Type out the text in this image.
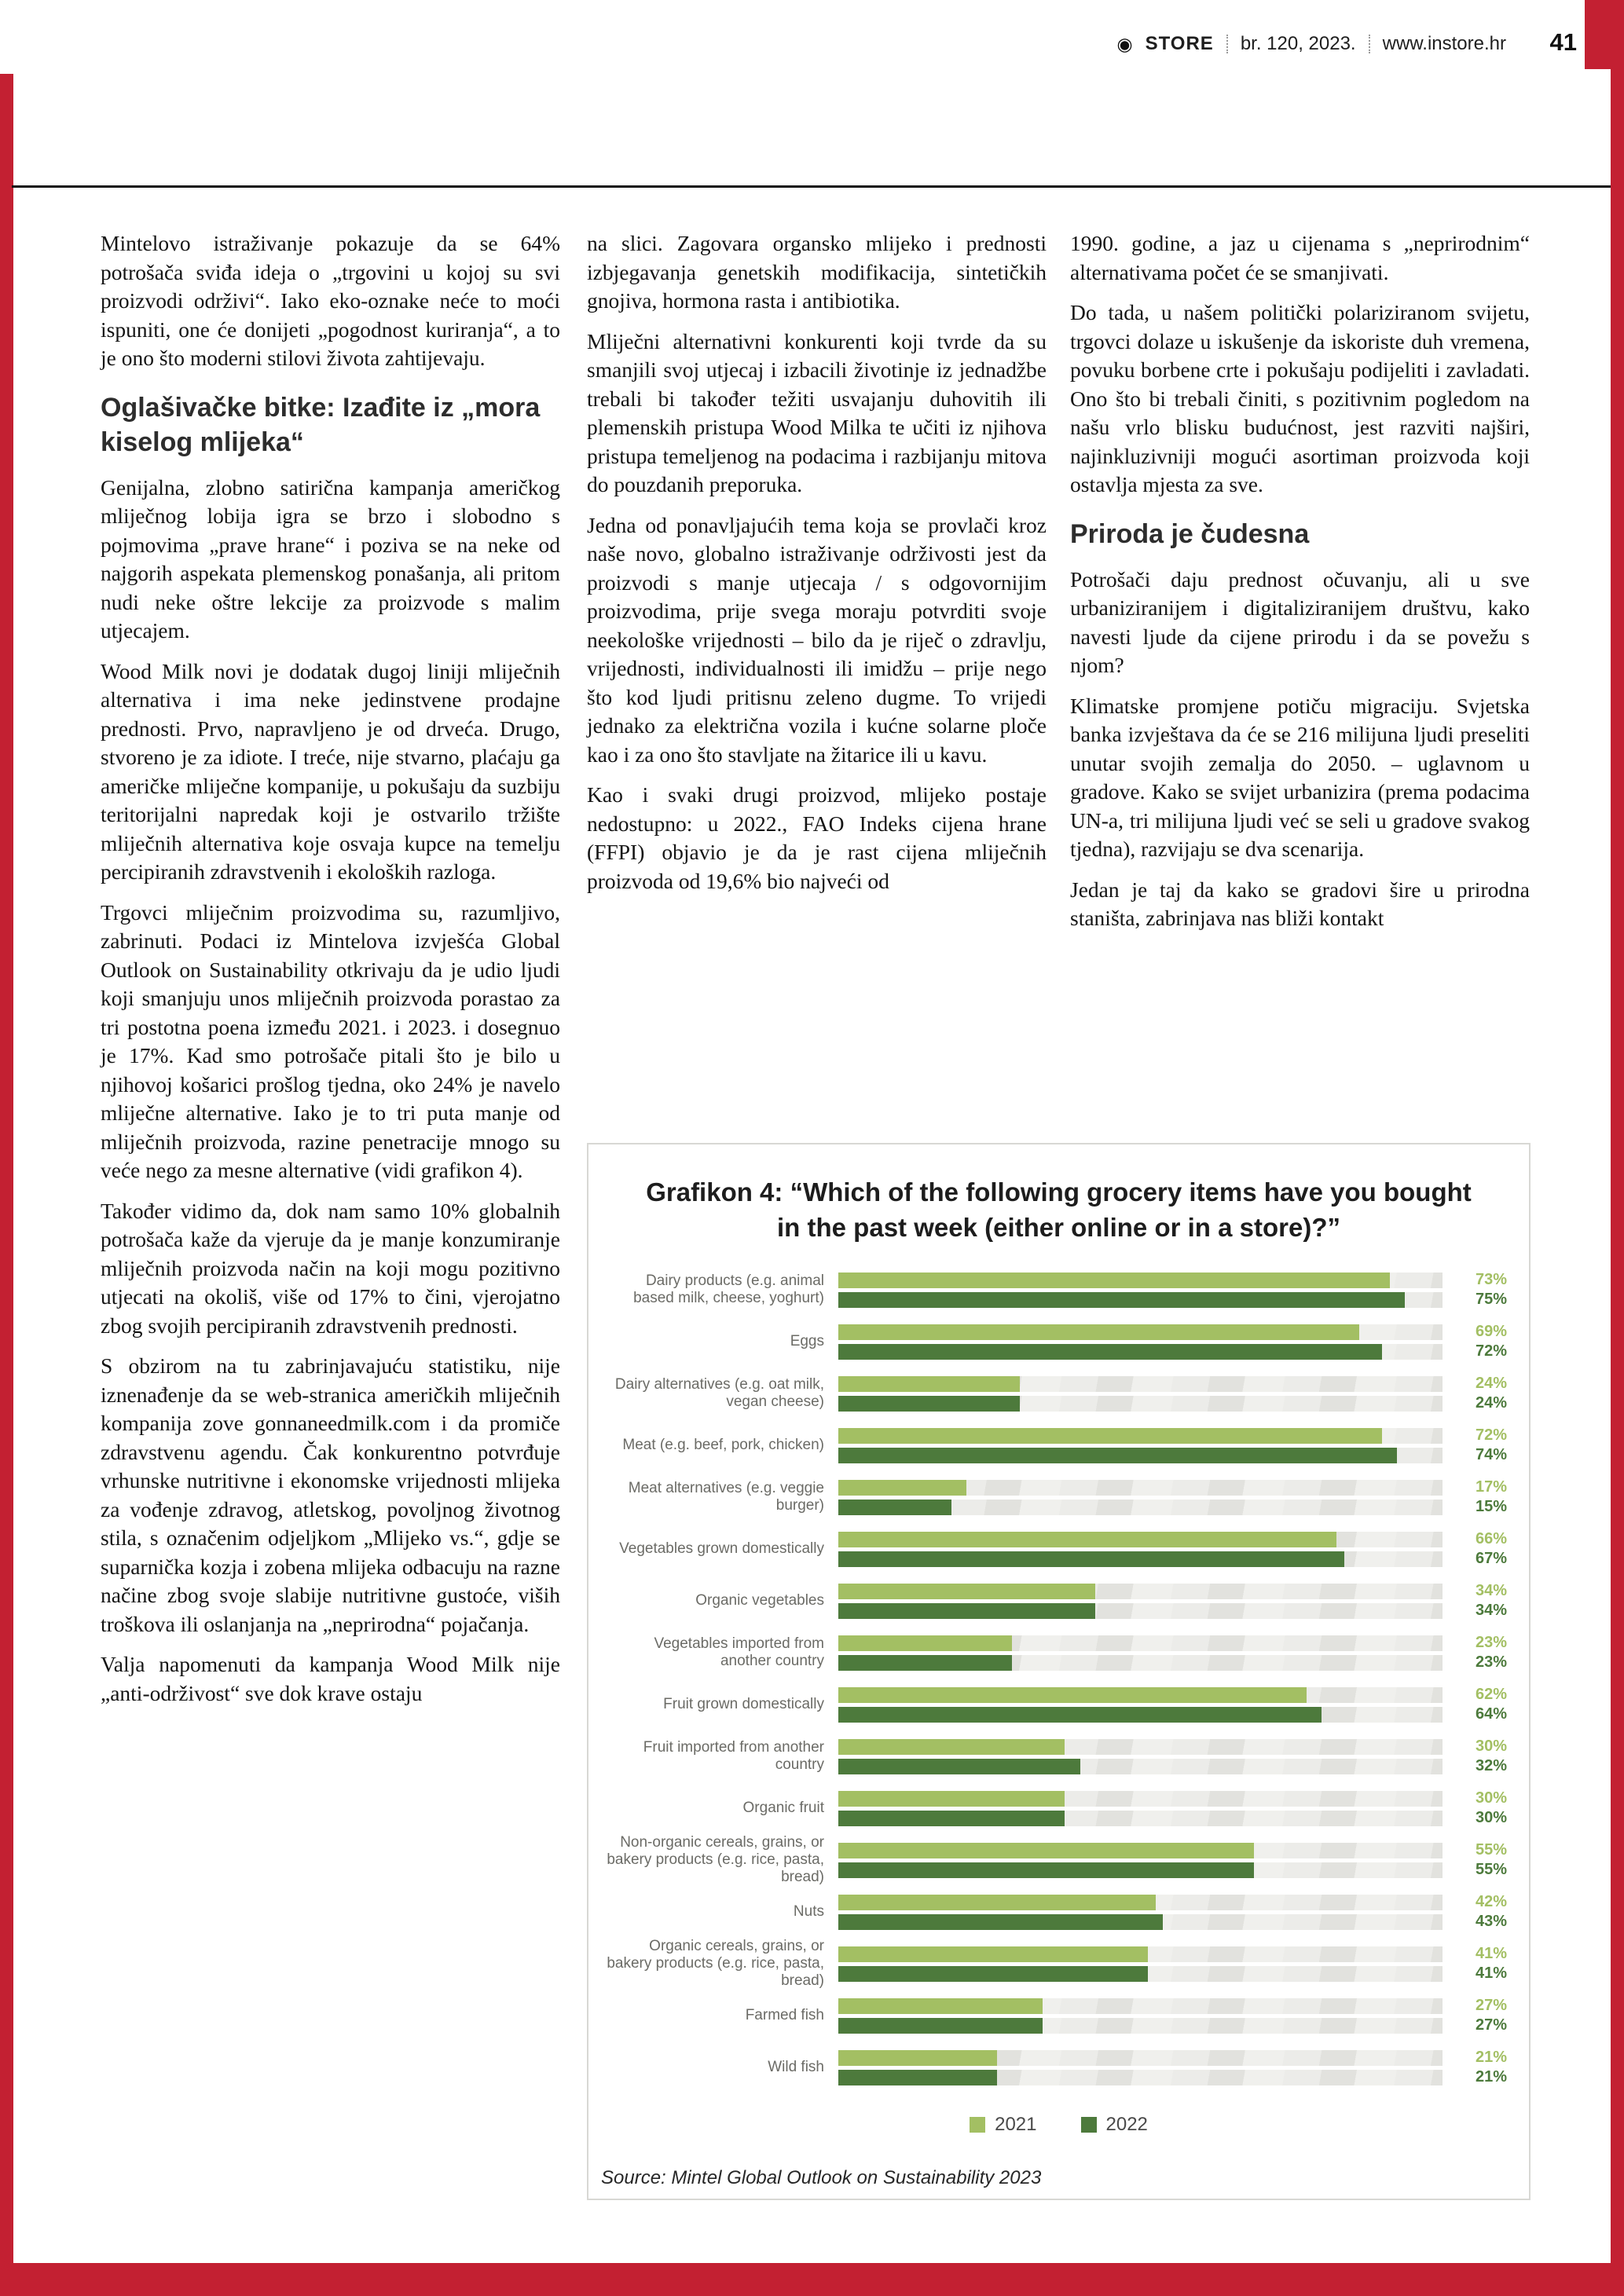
◉ STORE br. 120, 2023. www.instore.hr 41

Mintelovo istraživanje pokazuje da se 64% potrošača sviđa ideja o „trgovini u kojoj su svi proizvodi održivi“. Iako eko-oznake neće to moći ispuniti, one će donijeti „pogodnost kuriranja“, a to je ono što moderni stilovi života zahtijevaju.

Oglašivačke bitke: Izađite iz „mora kiselog mlijeka“

Genijalna, zlobno satirična kampanja američkog mliječnog lobija igra se brzo i slobodno s pojmovima „prave hrane“ i poziva se na neke od najgorih aspekata plemenskog ponašanja, ali pritom nudi neke oštre lekcije za proizvode s malim utjecajem.

Wood Milk novi je dodatak dugoj liniji mliječnih alternativa i ima neke jedinstvene prodajne prednosti. Prvo, napravljeno je od drveća. Drugo, stvoreno je za idiote. I treće, nije stvarno, plaćaju ga američke mliječne kompanije, u pokušaju da suzbiju teritorijalni napredak koji je ostvarilo tržište mliječnih alternativa koje osvaja kupce na temelju percipiranih zdravstvenih i ekoloških razloga.

Trgovci mliječnim proizvodima su, razumljivo, zabrinuti. Podaci iz Mintelova izvješća Global Outlook on Sustainability otkrivaju da je udio ljudi koji smanjuju unos mliječnih proizvoda porastao za tri postotna poena između 2021. i 2023. i dosegnuo je 17%. Kad smo potrošače pitali što je bilo u njihovoj košarici prošlog tjedna, oko 24% je navelo mliječne alternative. Iako je to tri puta manje od mliječnih proizvoda, razine penetracije mnogo su veće nego za mesne alternative (vidi grafikon 4).

Također vidimo da, dok nam samo 10% globalnih potrošača kaže da vjeruje da je manje konzumiranje mliječnih proizvoda način na koji mogu pozitivno utjecati na okoliš, više od 17% to čini, vjerojatno zbog svojih percipiranih zdravstvenih prednosti.

S obzirom na tu zabrinjavajuću statistiku, nije iznenađenje da se web-stranica američkih mliječnih kompanija zove gonnaneedmilk.com i da promiče zdravstvenu agendu. Čak konkurentno potvrđuje vrhunske nutritivne i ekonomske vrijednosti mlijeka za vođenje zdravog, atletskog, povoljnog životnog stila, s označenim odjeljkom „Mlijeko vs.“, gdje se suparnička kozja i zobena mlijeka odbacuju na razne načine zbog svoje slabije nutritivne gustoće, viših troškova ili oslanjanja na „neprirodna“ pojačanja.

Valja napomenuti da kampanja Wood Milk nije „anti-održivost“ sve dok krave ostaju

na slici. Zagovara organsko mlijeko i prednosti izbjegavanja genetskih modifikacija, sintetičkih gnojiva, hormona rasta i antibiotika.

Mliječni alternativni konkurenti koji tvrde da su smanjili svoj utjecaj i izbacili životinje iz jednadžbe trebali bi također težiti usvajanju duhovitih ili plemenskih pristupa Wood Milka te učiti iz njihova pristupa temeljenog na podacima i razbijanju mitova do pouzdanih preporuka.

Jedna od ponavljajućih tema koja se provlači kroz naše novo, globalno istraživanje održivosti jest da proizvodi s manje utjecaja / s odgovornijim proizvodima, prije svega moraju potvrditi svoje neekološke vrijednosti – bilo da je riječ o zdravlju, vrijednosti, individualnosti ili imidžu – prije nego što kod ljudi pritisnu zeleno dugme. To vrijedi jednako za električna vozila i kućne solarne ploče kao i za ono što stavljate na žitarice ili u kavu.

Kao i svaki drugi proizvod, mlijeko postaje nedostupno: u 2022., FAO Indeks cijena hrane (FFPI) objavio je da je rast cijena mliječnih proizvoda od 19,6% bio najveći od

1990. godine, a jaz u cijenama s „neprirodnim“ alternativama počet će se smanjivati.

Do tada, u našem politički polariziranom svijetu, trgovci dolaze u iskušenje da iskoriste duh vremena, povuku borbene crte i pokušaju podijeliti i zavladati. Ono što bi trebali činiti, s pozitivnim pogledom na našu vrlo blisku budućnost, jest razviti najširi, najinkluzivniji mogući asortiman proizvoda koji ostavlja mjesta za sve.

Priroda je čudesna

Potrošači daju prednost očuvanju, ali u sve urbaniziranijem i digitaliziranijem društvu, kako navesti ljude da cijene prirodu i da se povežu s njom?

Klimatske promjene potiču migraciju. Svjetska banka izvještava da će se 216 milijuna ljudi preseliti unutar svojih zemalja do 2050. – uglavnom u gradove. Kako se svijet urbanizira (prema podacima UN-a, tri milijuna ljudi već se seli u gradove svakog tjedna), razvijaju se dva scenarija.

Jedan je taj da kako se gradovi šire u prirodna staništa, zabrinjava nas bliži kontakt

Grafikon 4: “Which of the following grocery items have you bought in the past week (either online or in a store)?”
Dairy products (e.g. animal based milk, cheese, yoghurt)
73%
75%
Eggs
69%
72%
Dairy alternatives (e.g. oat milk, vegan cheese)
24%
24%
Meat (e.g. beef, pork, chicken)
72%
74%
Meat alternatives (e.g. veggie burger)
17%
15%
Vegetables grown domestically
66%
67%
Organic vegetables
34%
34%
Vegetables imported from another country
23%
23%
Fruit grown domestically
62%
64%
Fruit imported from another country
30%
32%
Organic fruit
30%
30%
Non-organic cereals, grains, or bakery products (e.g. rice, pasta, bread)
55%
55%
Nuts
42%
43%
Organic cereals, grains, or bakery products (e.g. rice, pasta, bread)
41%
41%
Farmed fish
27%
27%
Wild fish
21%
21%
2021	2022
Source: Mintel Global Outlook on Sustainability 2023
